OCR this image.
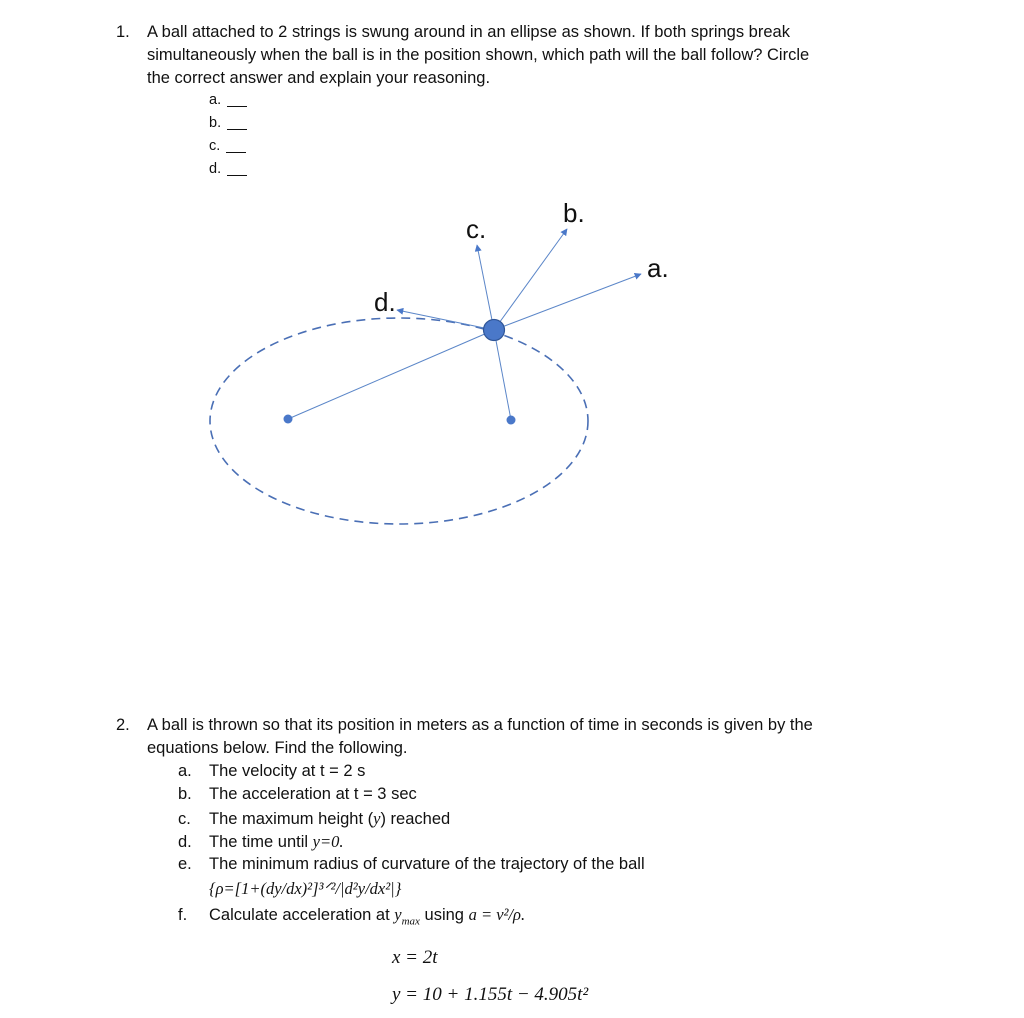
1. A ball attached to 2 strings is swung around in an ellipse as shown. If both springs break
simultaneously when the ball is in the position shown, which path will the ball follow? Circle
the correct answer and explain your reasoning.
a.
b.
c.
d.
a.
b.
c.
d.
2. A ball is thrown so that its position in meters as a function of time in seconds is given by the
equations below. Find the following.
a. The velocity at t = 2 s
b. The acceleration at t = 3 sec
c. The maximum height (y) reached
d. The time until y=0.
e. The minimum radius of curvature of the trajectory of the ball
{ρ=[1+(dy/dx)²]³ᐟ²/|d²y/dx²|}
f. Calculate acceleration at $y_{max}$ using a = v²/ρ.
x = 2t
y = 10 + 1.155t − 4.905t²
